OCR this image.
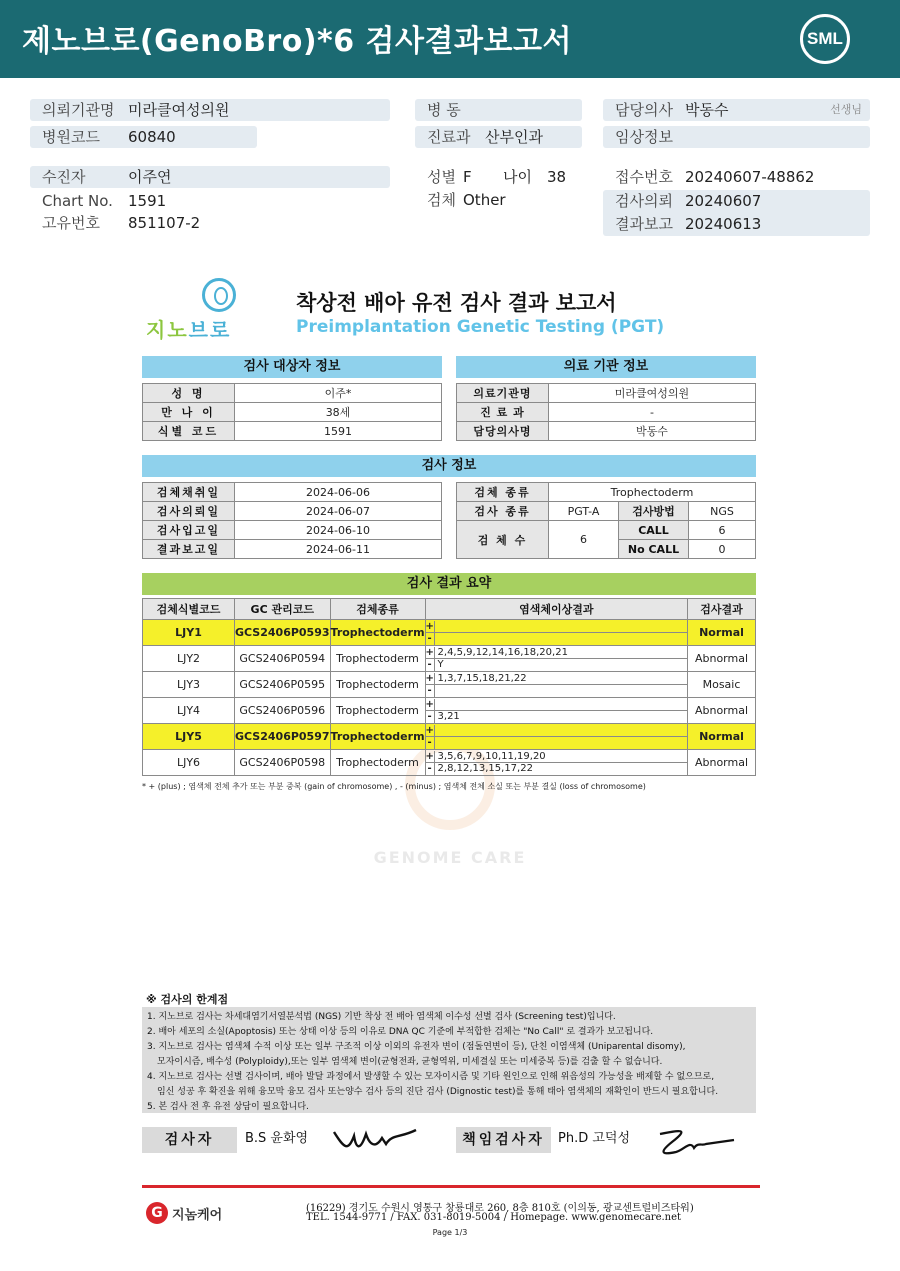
제노브로(GenoBro)*6 검사결과보고서	SML
의뢰기관명 미라클여성의원
병원코드 60840
병 동
진료과 산부인과
담당의사 박동수	선생님
임상정보
수진자	이주연
Chart No. 1591
고유번호 851107-2
성별 F 나이 38
검체 Other
접수번호 20240607-48862
검사의뢰 20240607
결과보고 20240613
지노브로
착상전 배아 유전 검사 결과 보고서
Preimplantation Genetic Testing (PGT)
검사 대상자 정보
성 명	이주*
만 나 이	38세
식별 코드	1591
의료 기관 정보
의료기관명	미라클여성의원
진 료 과	-
담당의사명	박동수
검사 정보
검체채취일	2024-06-06
검사의뢰일	2024-06-07
검사입고일	2024-06-10
결과보고일	2024-06-11
검체 종류	Trophectoderm		
검사 종류	PGT-A	검사방법	NGS
검 체 수	6	CALL	6
		No CALL	0
GENOME CARE
검사 결과 요약
검체식별코드	GC 관리코드	검체종류	염색체이상결과	검사결과
LJY1	GCS2406P0593	Trophectoderm	+
-	Normal
LJY2	GCS2406P0594	Trophectoderm	+ 2,4,5,9,12,14,16,18,20,21
- Y	Abnormal
LJY3	GCS2406P0595	Trophectoderm	+ 1,3,7,15,18,21,22
-	Mosaic
LJY4	GCS2406P0596	Trophectoderm	+
- 3,21	Abnormal
LJY5	GCS2406P0597	Trophectoderm	+
-	Normal
LJY6	GCS2406P0598	Trophectoderm	+ 3,5,6,7,9,10,11,19,20
- 2,8,12,13,15,17,22	Abnormal
* + (plus) ; 염색체 전체 추가 또는 부분 중복 (gain of chromosome) , - (minus) ; 염색체 전체 소실 또는 부분 결실 (loss of chromosome)
※ 검사의 한계점
1. 지노브로 검사는 차세대염기서열분석법 (NGS) 기반 착상 전 배아 염색체 이수성 선별 검사 (Screening test)입니다.
2. 배아 세포의 소실(Apoptosis) 또는 상태 이상 등의 이유로 DNA QC 기준에 부적합한 검체는 "No Call" 로 결과가 보고됩니다.
3. 지노브로 검사는 염색체 수적 이상 또는 일부 구조적 이상 이외의 유전자 변이 (점돌연변이 등), 단친 이염색체 (Uniparental disomy),
모자이시즘, 배수성 (Polyploidy),또는 일부 염색체 변이(균형전좌, 균형역위, 미세결실 또는 미세중복 등)를 검출 할 수 없습니다.
4. 지노브로 검사는 선별 검사이며, 배아 발달 과정에서 발생할 수 있는 모자이시즘 및 기타 원인으로 인해 위음성의 가능성을 배제할 수 없으므로,
임신 성공 후 확진을 위해 융모막 융모 검사 또는양수 검사 등의 진단 검사 (Dignostic test)를 통해 태아 염색체의 재확인이 반드시 필요합니다.
5. 본 검사 전 후 유전 상담이 필요합니다.
검사자	B.S 윤화영	책임검사자	Ph.D 고덕성
G 지놈케어	(16229) 경기도 수원시 영통구 창룡대로 260, 8층 810호 (이의동, 광교센트럴비즈타워)
TEL. 1544-9771 / FAX. 031-8019-5004 / Homepage. www.genomecare.net
Page 1/3
